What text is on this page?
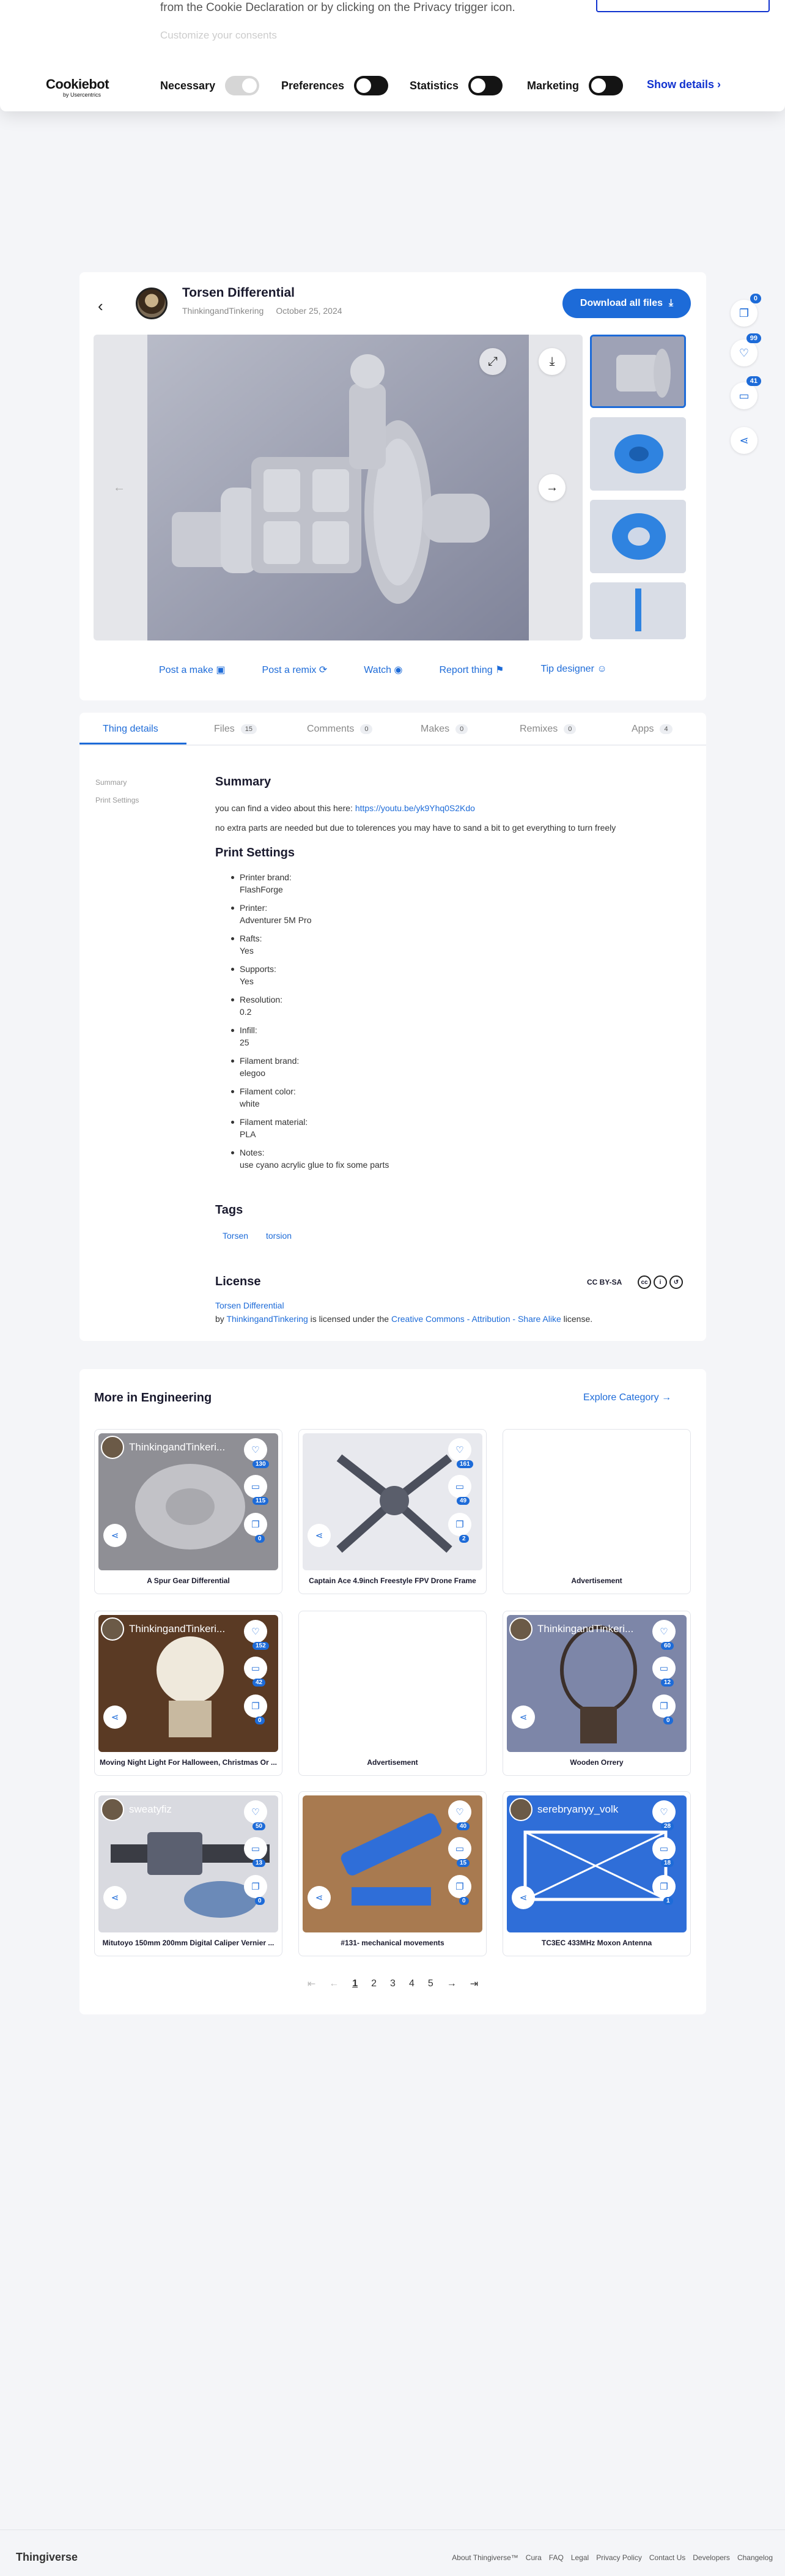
from the Cookie Declaration or by clicking on the Privacy trigger icon.
Customize your consents
Cookiebot
by Usercentrics
Necessary	Preferences	Statistics	Marketing	Show details ›
❐
0
♡
99
▭
41
⋖
‹
Torsen Differential
ThinkingandTinkering October 25, 2024
Download all files ⤓
←	→
⤢	⤓
Post a make ▣	Post a remix ⟳	Watch ◉	Report thing ⚑	Tip designer ☺
Thing details	Files	15	Comments	0	Makes	0	Remixes	0	Apps	4
Summary
Print Settings
Summary
you can find a video about this here: https://youtu.be/yk9Yhq0S2Kdo
no extra parts are needed but due to tolerences you may have to sand a bit to get everything to turn freely
Print Settings
Printer brand:
FlashForge
Printer:
Adventurer 5M Pro
Rafts:
Yes
Supports:
Yes
Resolution:
0.2
Infill:
25
Filament brand:
elegoo
Filament color:
white
Filament material:
PLA
Notes:
use cyano acrylic glue to fix some parts
Tags
Torsen torsion
License	CC BY-SA	cc	i	↺
Torsen Differential
by ThinkingandTinkering is licensed under the Creative Commons - Attribution - Share Alike license.
More in Engineering	Explore Category →
ThinkingandTinkeri...	♡
130
▭
115
❐
0
⋖
A Spur Gear Differential
♡
161
▭
49
❐
2
⋖
Captain Ace 4.9inch Freestyle FPV Drone Frame	Advertisement
ThinkingandTinkeri...	♡
152
▭
42
❐
0
⋖
Moving Night Light For Halloween, Christmas Or ...	Advertisement
ThinkingandTinkeri...	♡
60
▭
12
❐
0
⋖
Wooden Orrery
sweatyfiz	♡
50
▭
13
❐
0
⋖
Mitutoyo 150mm 200mm Digital Caliper Vernier ...
♡
40
▭
15
❐
0
⋖
#131- mechanical movements
serebryanyy_volk	♡
28
▭
18
❐
1
⋖
TC3EC 433MHz Moxon Antenna
⇤ ← 1 2 3 4 5 → ⇥
Thingiverse	About Thingiverse™ Cura FAQ Legal Privacy Policy Contact Us Developers Changelog
